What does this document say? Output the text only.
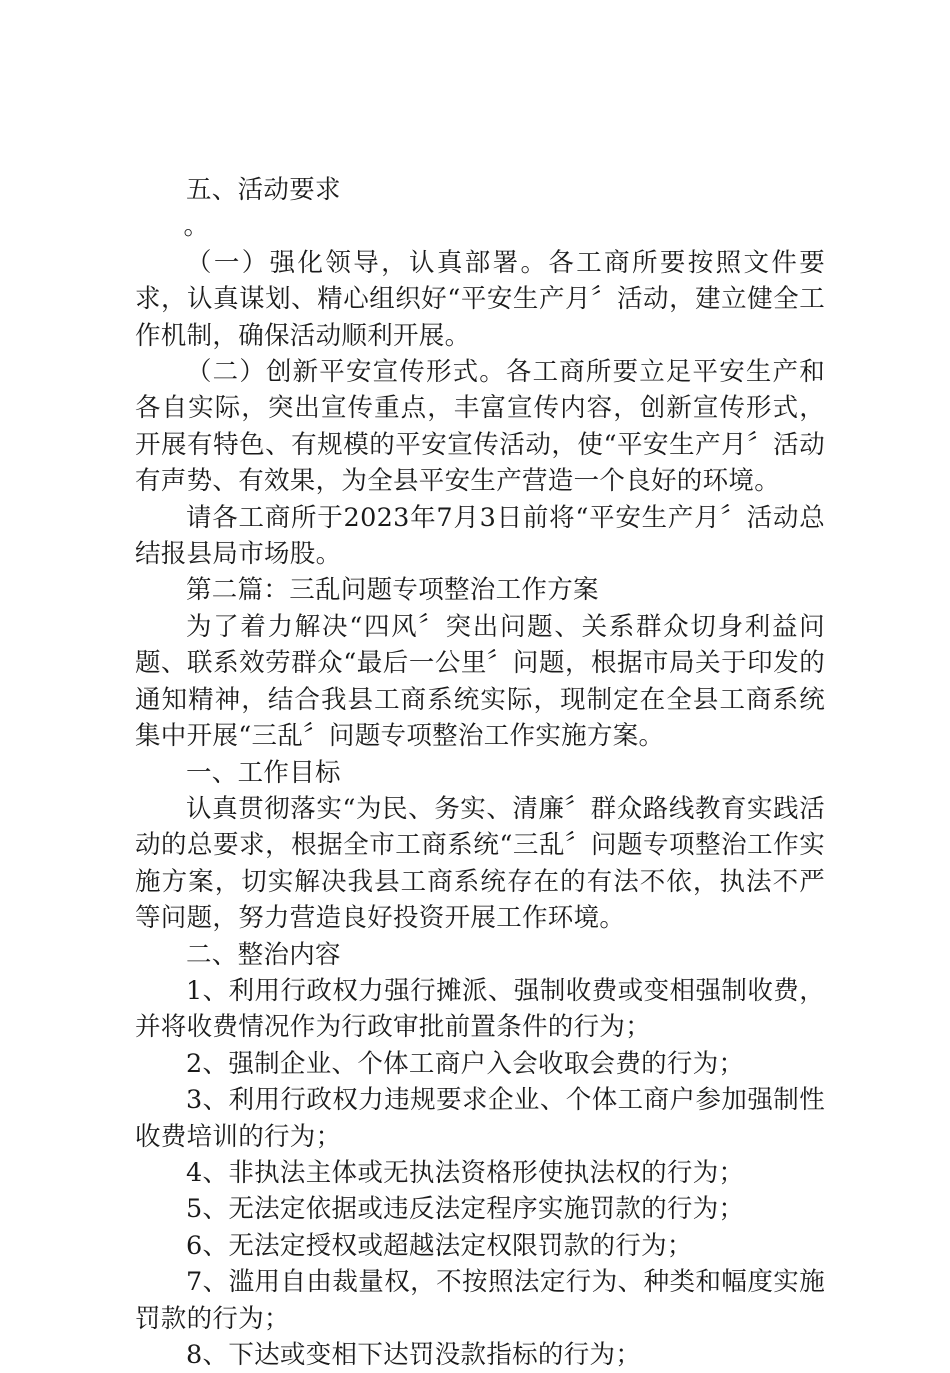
五、活动要求

。

（一）强化领导，认真部署。各工商所要按照文件要求，认真谋划、精心组织好“平安生产月〞活动，建立健全工作机制，确保活动顺利开展。

（二）创新平安宣传形式。各工商所要立足平安生产和各自实际，突出宣传重点，丰富宣传内容，创新宣传形式，开展有特色、有规模的平安宣传活动，使“平安生产月〞活动有声势、有效果，为全县平安生产营造一个良好的环境。

请各工商所于2023年7月3日前将“平安生产月〞活动总结报县局市场股。

第二篇：三乱问题专项整治工作方案

为了着力解决“四风〞突出问题、关系群众切身利益问题、联系效劳群众“最后一公里〞问题，根据市局关于印发的通知精神，结合我县工商系统实际，现制定在全县工商系统集中开展“三乱〞问题专项整治工作实施方案。

一、工作目标

认真贯彻落实“为民、务实、清廉〞群众路线教育实践活动的总要求，根据全市工商系统“三乱〞问题专项整治工作实施方案，切实解决我县工商系统存在的有法不依，执法不严等问题，努力营造良好投资开展工作环境。

二、整治内容

1、利用行政权力强行摊派、强制收费或变相强制收费，并将收费情况作为行政审批前置条件的行为；

2、强制企业、个体工商户入会收取会费的行为；

3、利用行政权力违规要求企业、个体工商户参加强制性收费培训的行为；

4、非执法主体或无执法资格形使执法权的行为；

5、无法定依据或违反法定程序实施罚款的行为；

6、无法定授权或超越法定权限罚款的行为；

7、滥用自由裁量权，不按照法定行为、种类和幅度实施罚款的行为；

8、下达或变相下达罚没款指标的行为；
